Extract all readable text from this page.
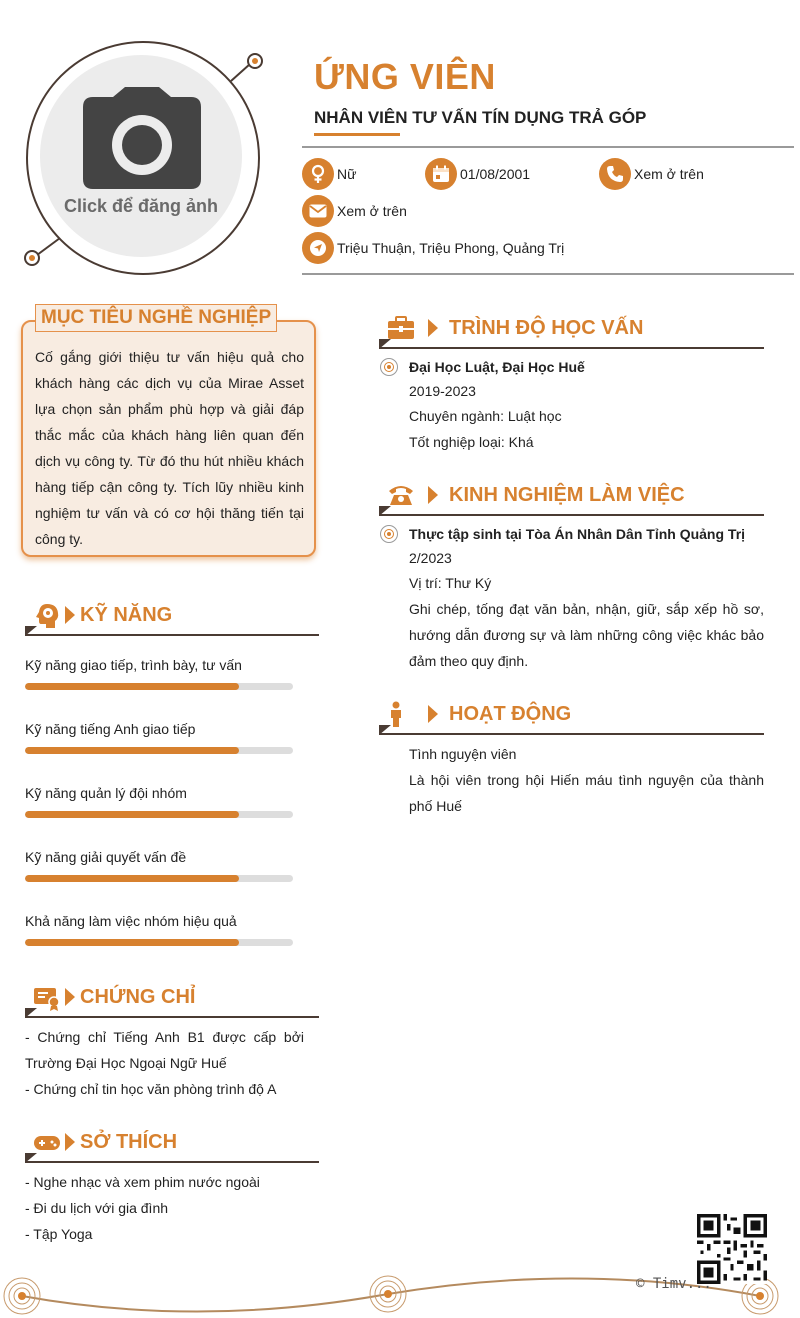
Click để đăng ảnh
ỨNG VIÊN
NHÂN VIÊN TƯ VẤN TÍN DỤNG TRẢ GÓP
Nữ	01/08/2001	Xem ở trên
Xem ở trên
Triệu Thuận, Triệu Phong, Quảng Trị
MỤC TIÊU NGHỀ NGHIỆP
Cố gắng giới thiệu tư vấn hiệu quả cho khách hàng các dịch vụ của Mirae Asset lựa chọn sản phẩm phù hợp và giải đáp thắc mắc của khách hàng liên quan đến dịch vụ công ty. Từ đó thu hút nhiều khách hàng tiếp cận công ty. Tích lũy nhiều kinh nghiệm tư vấn và có cơ hội thăng tiến tại công ty.
KỸ NĂNG
Kỹ năng giao tiếp, trình bày, tư vấn
Kỹ năng tiếng Anh giao tiếp
Kỹ năng quản lý đội nhóm
Kỹ năng giải quyết vấn đề
Khả năng làm việc nhóm hiệu quả
CHỨNG CHỈ
- Chứng chỉ Tiếng Anh B1 được cấp bởi Trường Đại Học Ngoại Ngữ Huế
- Chứng chỉ tin học văn phòng trình độ A
SỞ THÍCH
- Nghe nhạc và xem phim nước ngoài
- Đi du lịch với gia đình
- Tập Yoga
TRÌNH ĐỘ HỌC VẤN
Đại Học Luật, Đại Học Huế
2019-2023
Chuyên ngành: Luật học
Tốt nghiệp loại: Khá
KINH NGHIỆM LÀM VIỆC
Thực tập sinh tại Tòa Án Nhân Dân Tỉnh Quảng Trị
2/2023
Vị trí: Thư Ký
Ghi chép, tống đạt văn bản, nhận, giữ, sắp xếp hồ sơ, hướng dẫn đương sự và làm những công việc khác bảo đảm theo quy định.
HOẠT ĐỘNG
Tình nguyện viên
Là hội viên trong hội Hiến máu tình nguyện của thành phố Huế
© Timv...
